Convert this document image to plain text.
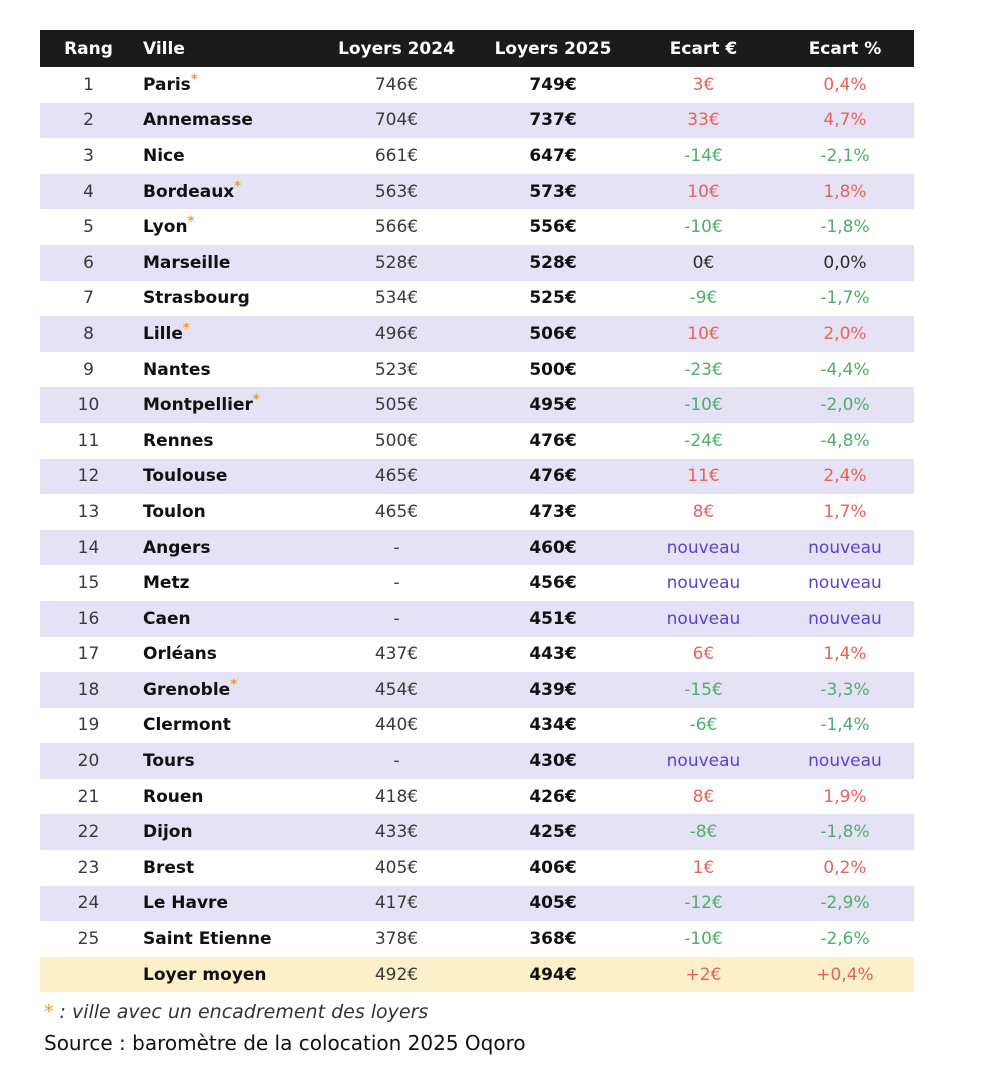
Rang	Ville	Loyers 2024	Loyers 2025	Ecart €	Ecart %
1	Paris*	746€	749€	3€	0,4%
2	Annemasse	704€	737€	33€	4,7%
3	Nice	661€	647€	-14€	-2,1%
4	Bordeaux*	563€	573€	10€	1,8%
5	Lyon*	566€	556€	-10€	-1,8%
6	Marseille	528€	528€	0€	0,0%
7	Strasbourg	534€	525€	-9€	-1,7%
8	Lille*	496€	506€	10€	2,0%
9	Nantes	523€	500€	-23€	-4,4%
10	Montpellier*	505€	495€	-10€	-2,0%
11	Rennes	500€	476€	-24€	-4,8%
12	Toulouse	465€	476€	11€	2,4%
13	Toulon	465€	473€	8€	1,7%
14	Angers	-	460€	nouveau	nouveau
15	Metz	-	456€	nouveau	nouveau
16	Caen	-	451€	nouveau	nouveau
17	Orléans	437€	443€	6€	1,4%
18	Grenoble*	454€	439€	-15€	-3,3%
19	Clermont	440€	434€	-6€	-1,4%
20	Tours	-	430€	nouveau	nouveau
21	Rouen	418€	426€	8€	1,9%
22	Dijon	433€	425€	-8€	-1,8%
23	Brest	405€	406€	1€	0,2%
24	Le Havre	417€	405€	-12€	-2,9%
25	Saint Etienne	378€	368€	-10€	-2,6%
	Loyer moyen	492€	494€	+2€	+0,4%
* : ville avec un encadrement des loyers
Source : baromètre de la colocation 2025 Oqoro
